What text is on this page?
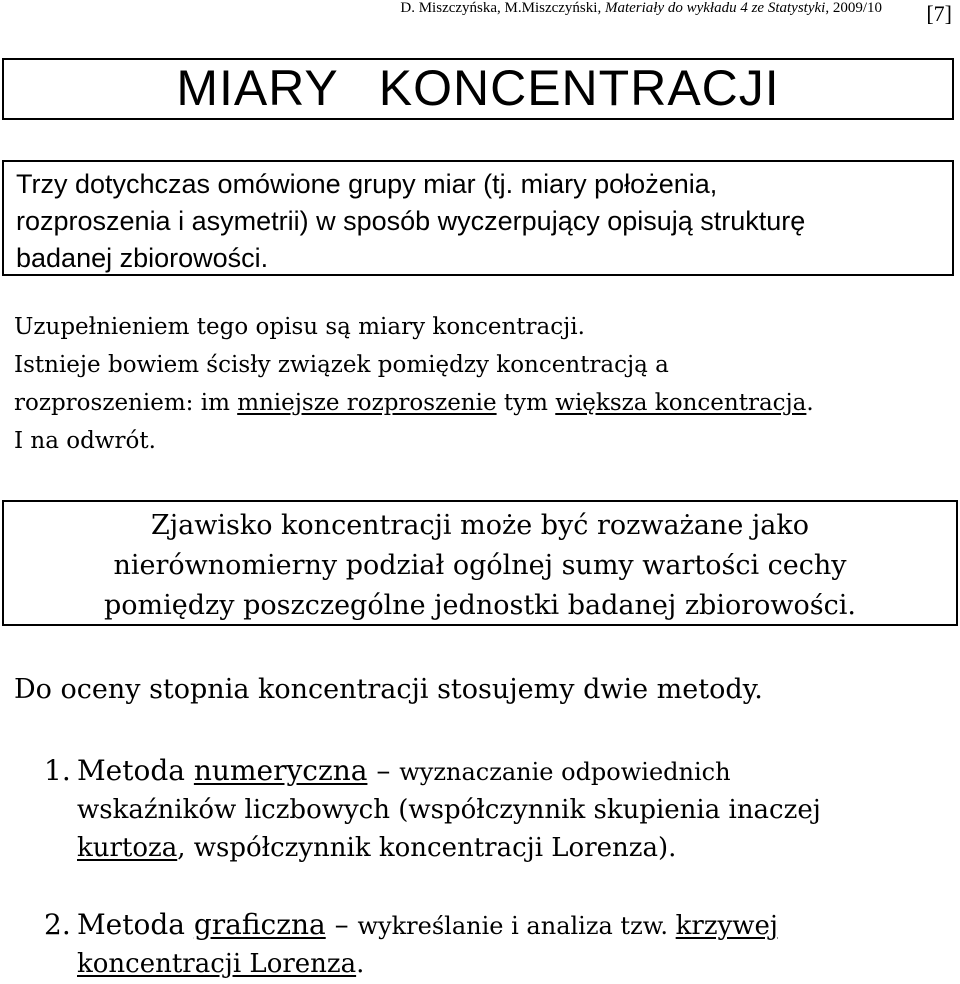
D. Miszczyńska, M.Miszczyński, Materiały do wykładu 4 ze Statystyki, 2009/10 [7]
MIARY KONCENTRACJI

Trzy dotychczas omówione grupy miar (tj. miary położenia,

rozproszenia i asymetrii) w sposób wyczerpujący opisują strukturę

badanej zbiorowości.

Uzupełnieniem tego opisu są miary koncentracji.

Istnieje bowiem ścisły związek pomiędzy koncentracją a

rozproszeniem: im mniejsze rozproszenie tym większa koncentracja.

I na odwrót.

Zjawisko koncentracji może być rozważane jako

nierównomierny podział ogólnej sumy wartości cechy

pomiędzy poszczególne jednostki badanej zbiorowości.

Do oceny stopnia koncentracji stosujemy dwie metody.

1. Metoda numeryczna – wyznaczanie odpowiednich
wskaźników liczbowych (współczynnik skupienia inaczej
kurtoza, współczynnik koncentracji Lorenza).
2. Metoda graficzna – wykreślanie i analiza tzw. krzywej
koncentracji Lorenza.
